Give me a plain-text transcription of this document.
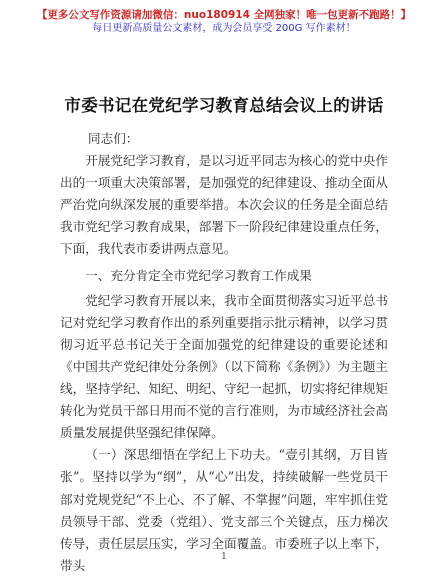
【更多公文写作资源请加微信：nuo180914 全网独家！唯一包更新不跑路！】
每日更新高质量公文素材，成为会员享受 200G 写作素材！
市委书记在党纪学习教育总结会议上的讲话

同志们：

开展党纪学习教育，是以习近平同志为核心的党中央作出的一项重大决策部署，是加强党的纪律建设、推动全面从严治党向纵深发展的重要举措。本次会议的任务是全面总结我市党纪学习教育成果，部署下一阶段纪律建设重点任务，下面，我代表市委讲两点意见。

一、充分肯定全市党纪学习教育工作成果

党纪学习教育开展以来，我市全面贯彻落实习近平总书记对党纪学习教育作出的系列重要指示批示精神，以学习贯彻习近平总书记关于全面加强党的纪律建设的重要论述和《中国共产党纪律处分条例》（以下简称《条例》）为主题主线，坚持学纪、知纪、明纪、守纪一起抓，切实将纪律规矩转化为党员干部日用而不觉的言行准则，为市域经济社会高质量发展提供坚强纪律保障。

（一）深思细悟在学纪上下功夫。“壹引其纲，万目皆张”。坚持以学为“纲”，从“心”出发，持续破解一些党员干部对党规党纪“不上心、不了解、不掌握”问题，牢牢抓住党员领导干部、党委（党组）、党支部三个关键点，压力梯次传导，责任层层压实，学习全面覆盖。市委班子以上率下，带头

1
